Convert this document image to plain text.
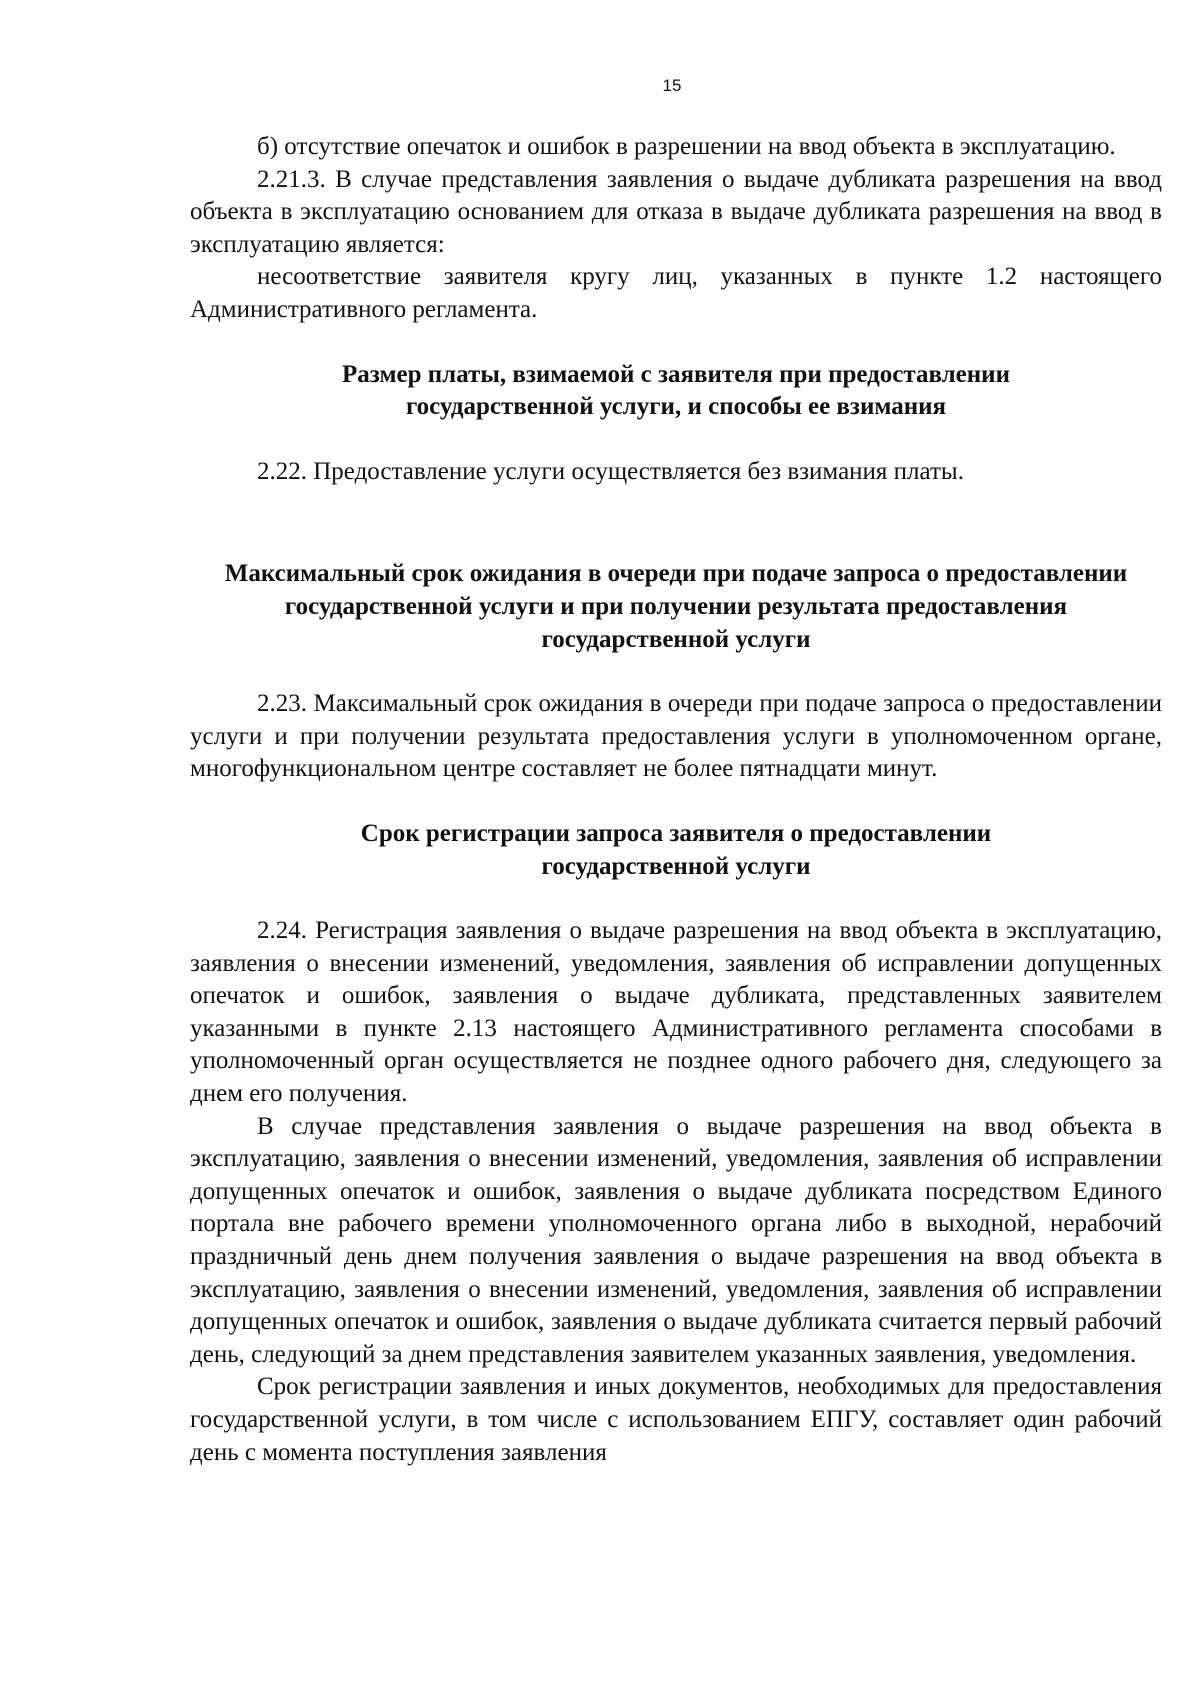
15

б) отсутствие опечаток и ошибок в разрешении на ввод объекта в эксплуатацию.

2.21.3. В случае представления заявления о выдаче дубликата разрешения на ввод объекта в эксплуатацию основанием для отказа в выдаче дубликата разрешения на ввод в эксплуатацию является:

несоответствие заявителя кругу лиц, указанных в пункте 1.2 настоящего Административного регламента.

Размер платы, взимаемой с заявителя при предоставлении государственной услуги, и способы ее взимания

2.22. Предоставление услуги осуществляется без взимания платы.

Максимальный срок ожидания в очереди при подаче запроса о предоставлении государственной услуги и при получении результата предоставления государственной услуги

2.23. Максимальный срок ожидания в очереди при подаче запроса о предоставлении услуги и при получении результата предоставления услуги в уполномоченном органе, многофункциональном центре составляет не более пятнадцати минут.

Срок регистрации запроса заявителя о предоставлении государственной услуги

2.24. Регистрация заявления о выдаче разрешения на ввод объекта в эксплуатацию, заявления о внесении изменений, уведомления, заявления об исправлении допущенных опечаток и ошибок, заявления о выдаче дубликата, представленных заявителем указанными в пункте 2.13 настоящего Административного регламента способами в уполномоченный орган осуществляется не позднее одного рабочего дня, следующего за днем его получения.

В случае представления заявления о выдаче разрешения на ввод объекта в эксплуатацию, заявления о внесении изменений, уведомления, заявления об исправлении допущенных опечаток и ошибок, заявления о выдаче дубликата посредством Единого портала вне рабочего времени уполномоченного органа либо в выходной, нерабочий праздничный день днем получения заявления о выдаче разрешения на ввод объекта в эксплуатацию, заявления о внесении изменений, уведомления, заявления об исправлении допущенных опечаток и ошибок, заявления о выдаче дубликата считается первый рабочий день, следующий за днем представления заявителем указанных заявления, уведомления.

Срок регистрации заявления и иных документов, необходимых для предоставления государственной услуги, в том числе с использованием ЕПГУ, составляет один рабочий день с момента поступления заявления
